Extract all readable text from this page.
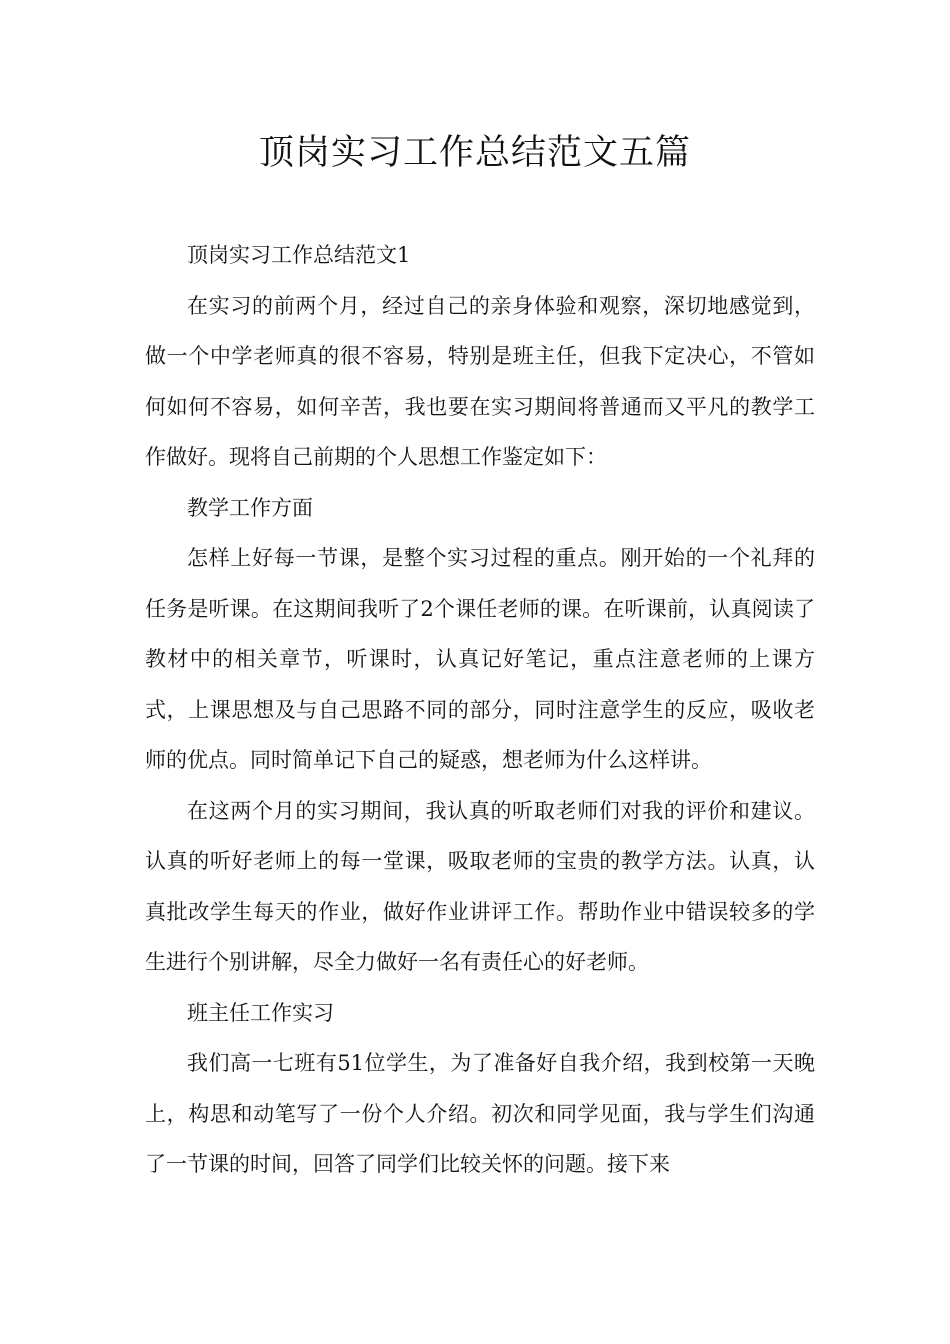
顶岗实习工作总结范文五篇

顶岗实习工作总结范文1

在实习的前两个月，经过自己的亲身体验和观察，深切地感觉到，做一个中学老师真的很不容易，特别是班主任，但我下定决心，不管如何如何不容易，如何辛苦，我也要在实习期间将普通而又平凡的教学工作做好。现将自己前期的个人思想工作鉴定如下：

教学工作方面

怎样上好每一节课，是整个实习过程的重点。刚开始的一个礼拜的任务是听课。在这期间我听了2个课任老师的课。在听课前，认真阅读了教材中的相关章节，听课时，认真记好笔记，重点注意老师的上课方式，上课思想及与自己思路不同的部分，同时注意学生的反应，吸收老师的优点。同时简单记下自己的疑惑，想老师为什么这样讲。

在这两个月的实习期间，我认真的听取老师们对我的评价和建议。认真的听好老师上的每一堂课，吸取老师的宝贵的教学方法。认真，认真批改学生每天的作业，做好作业讲评工作。帮助作业中错误较多的学生进行个别讲解，尽全力做好一名有责任心的好老师。

班主任工作实习

我们高一七班有51位学生，为了准备好自我介绍，我到校第一天晚上，构思和动笔写了一份个人介绍。初次和同学见面，我与学生们沟通了一节课的时间，回答了同学们比较关怀的问题。接下来
